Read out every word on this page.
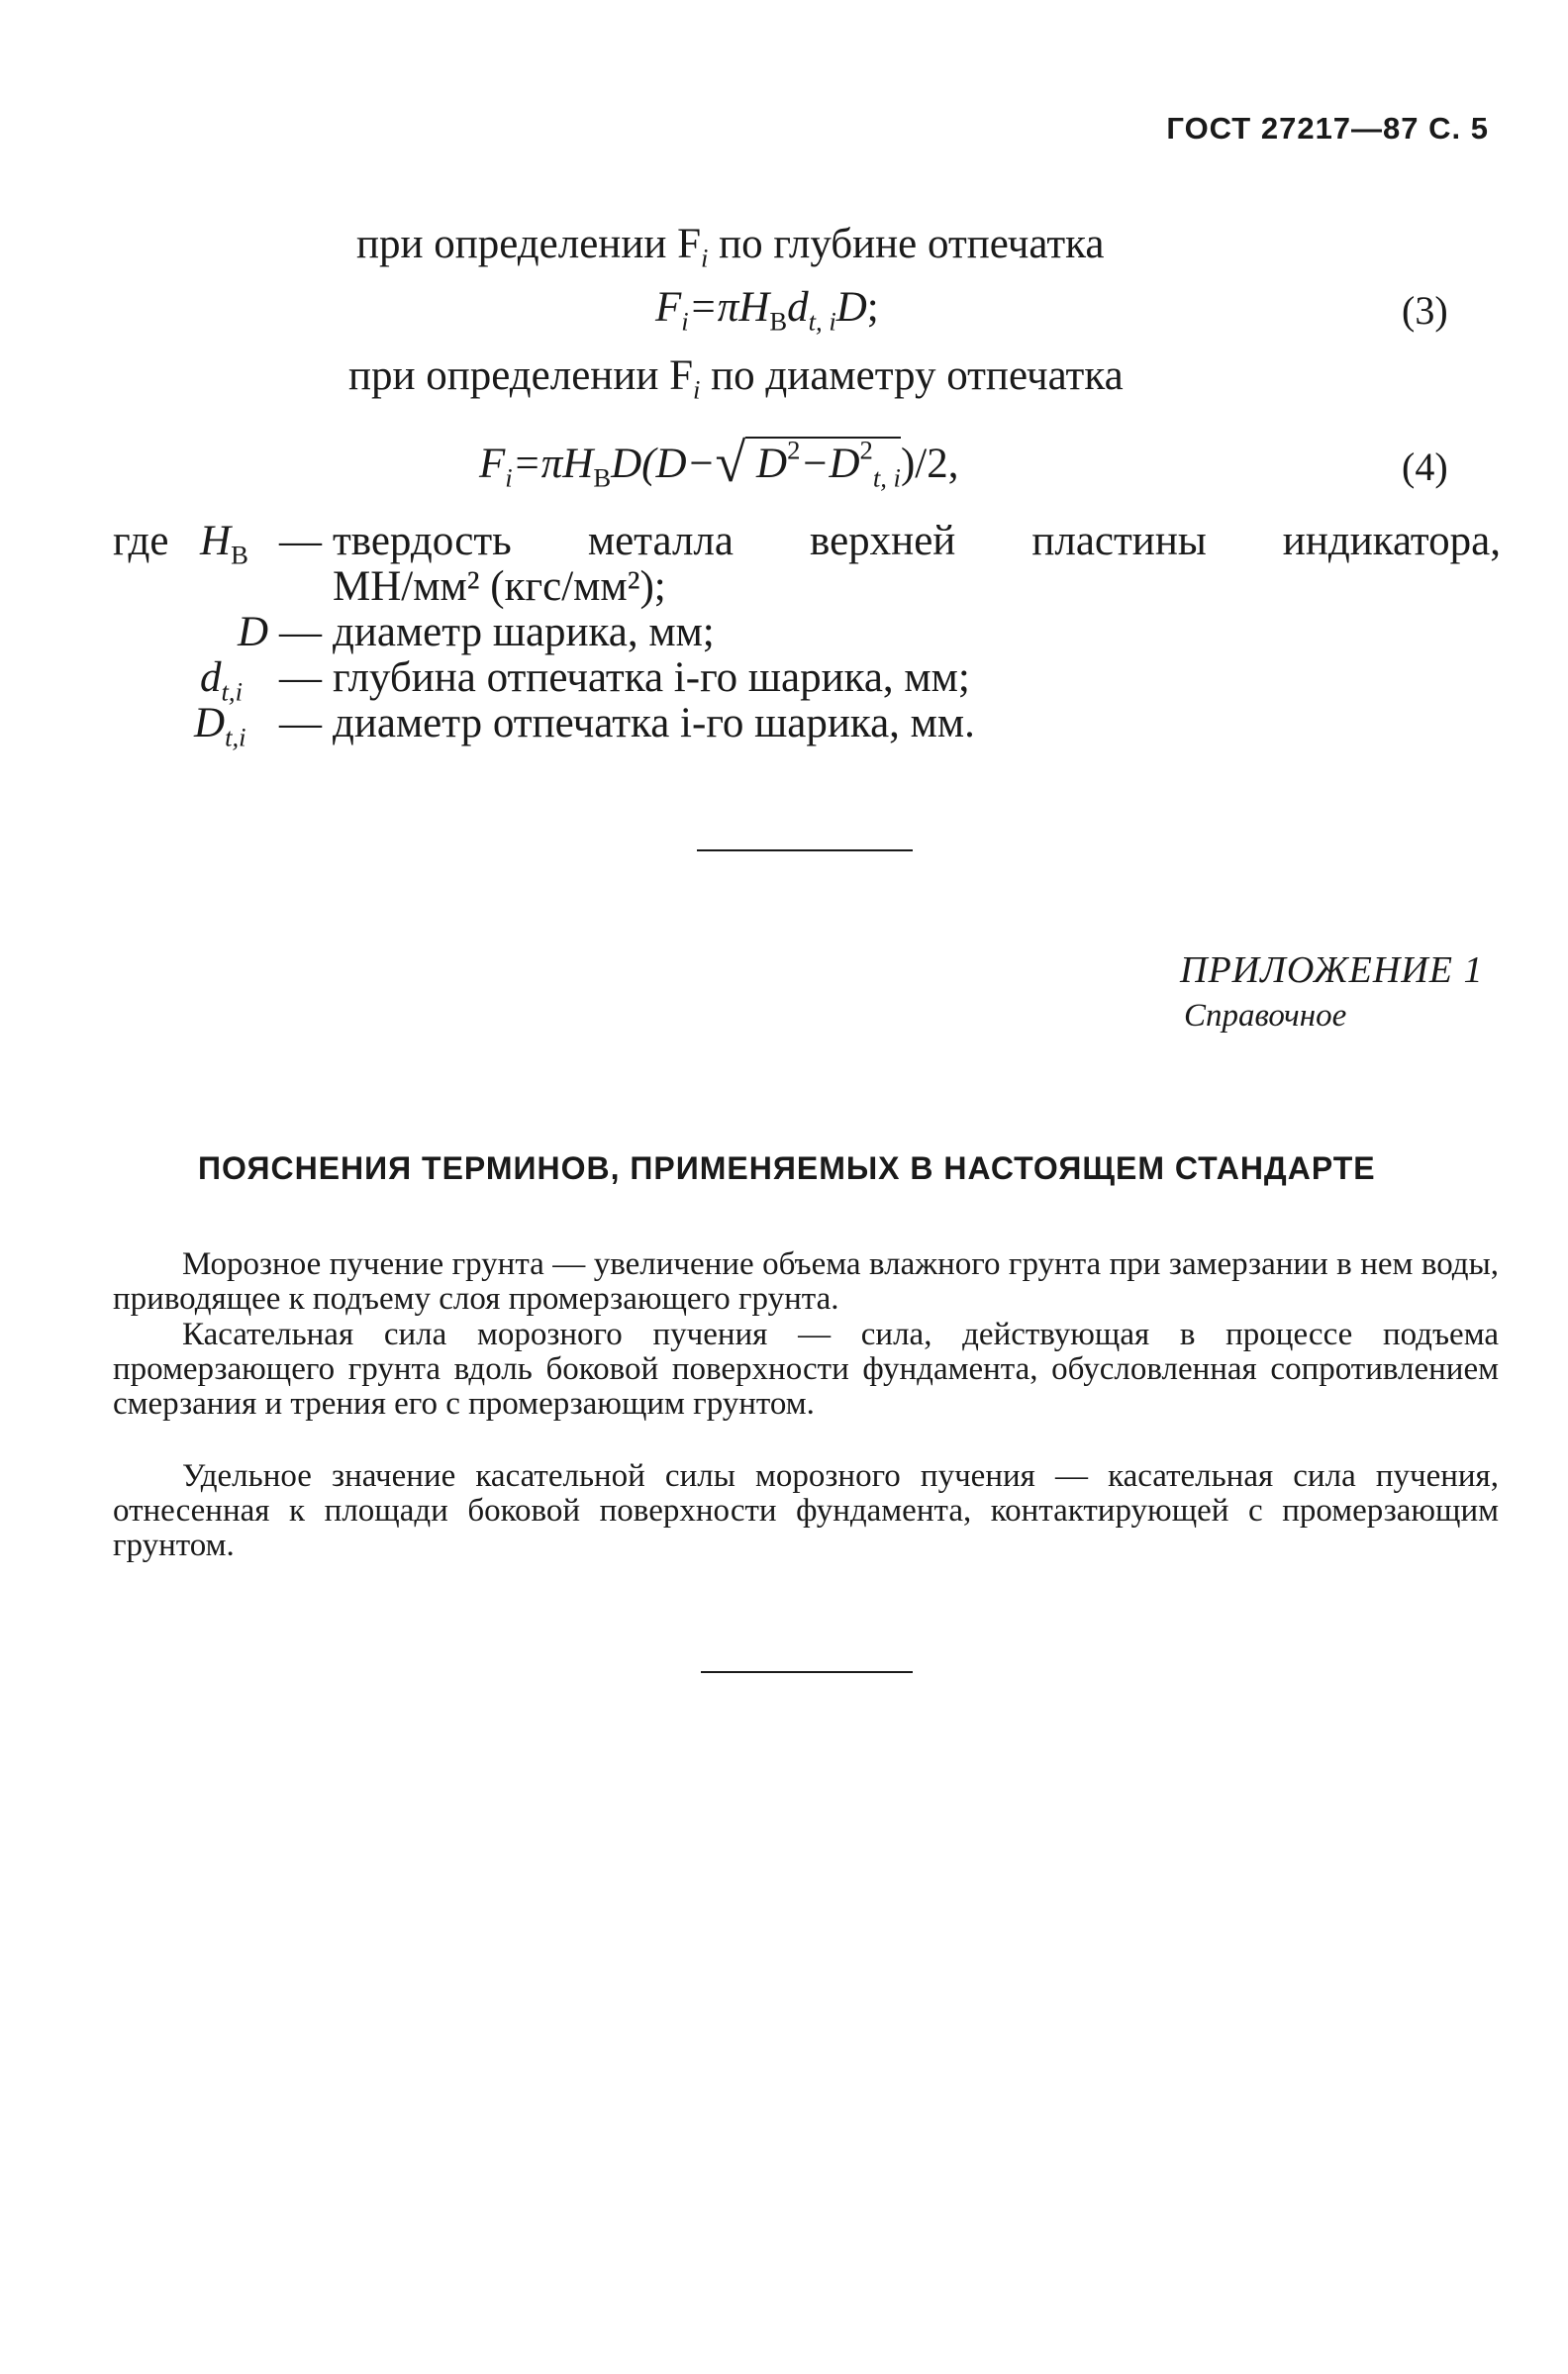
ГОСТ 27217—87 С. 5
при определении $F_i$ по глубине отпечатка
$F_i=\pi H_Вd_{t, i}D$;	(3)
при определении $F_i$ по диаметру отпечатка
$F_i=\pi H_ВD(D-√$ $D^2-D^2_{t, i})/2$,	(4)
где $H_В$ — твердость металла верхней пластины индикатора,
МН/мм² (кгс/мм²);
D — диаметр шарика, мм;
$d_{t,i}$ — глубина отпечатка i-го шарика, мм;
$D_{t,i}$ — диаметр отпечатка i-го шарика, мм.
ПРИЛОЖЕНИЕ 1
Справочное
ПОЯСНЕНИЯ ТЕРМИНОВ, ПРИМЕНЯЕМЫХ В НАСТОЯЩЕМ СТАНДАРТЕ
Морозное пучение грунта — увеличение объема влажного грунта при замерзании в нем воды, приводящее к подъему слоя промерзающего грунта.
Касательная сила морозного пучения — сила, действующая в процессе подъема промерзающего грунта вдоль боковой поверхности фундамента, обусловленная сопротивлением смерзания и трения его с промерзающим грунтом.
Удельное значение касательной силы морозного пучения — касательная сила пучения, отнесенная к площади боковой поверхности фундамента, контактирующей с промерзающим грунтом.
